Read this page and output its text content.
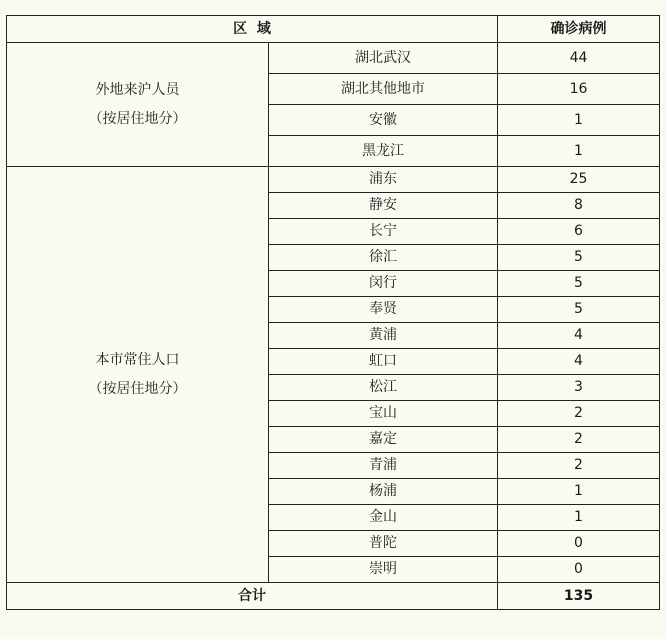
区  域		确诊病例

外地来沪人员
（按居住地分）	湖北武汉	44
	湖北其他地市	16
	安徽	1
	黑龙江	1

本市常住人口
（按居住地分）	浦东	25
	静安	8
	长宁	6
	徐汇	5
	闵行	5
	奉贤	5
	黄浦	4
	虹口	4
	松江	3
	宝山	2
	嘉定	2
	青浦	2
	杨浦	1
	金山	1
	普陀	0
	崇明	0
合计		135
